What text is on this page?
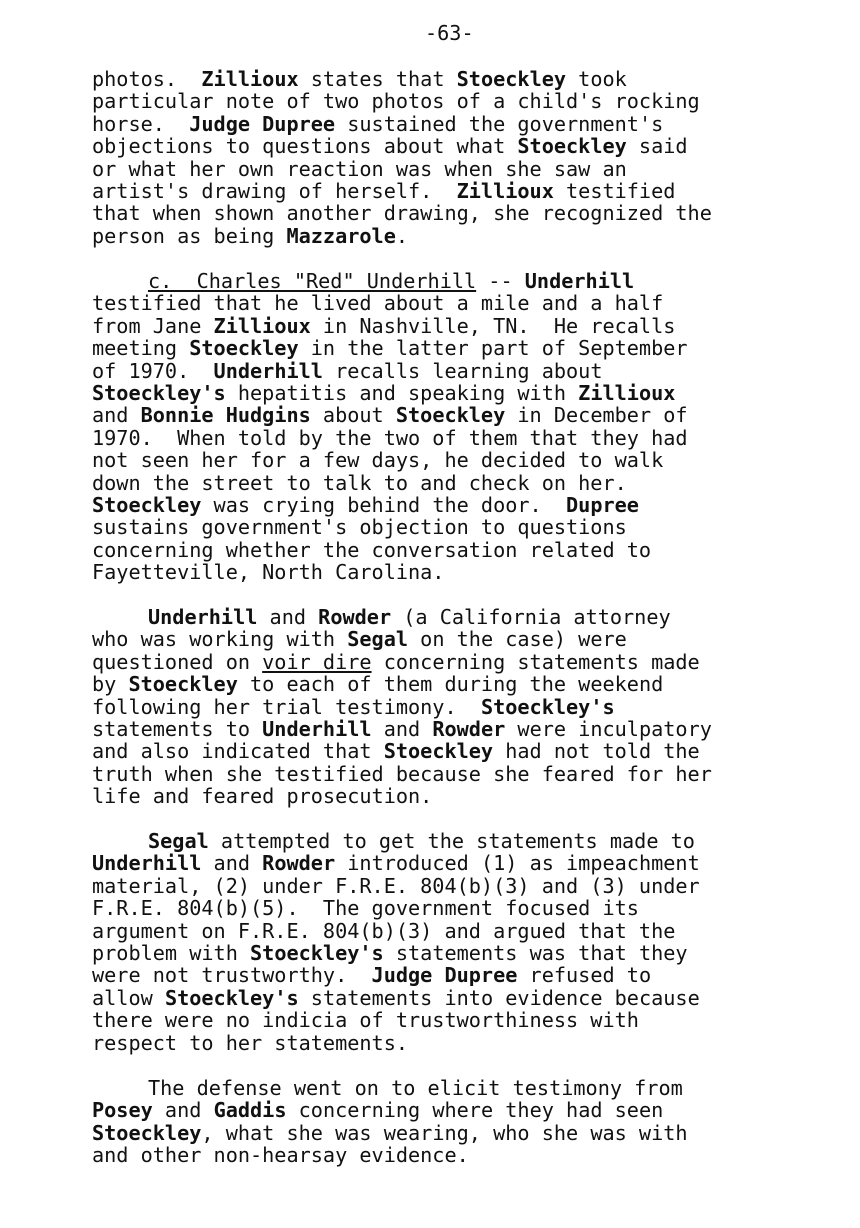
-63-
photos.  Zillioux states that Stoeckley took
particular note of two photos of a child's rocking
horse.  Judge Dupree sustained the government's
objections to questions about what Stoeckley said
or what her own reaction was when she saw an
artist's drawing of herself.  Zillioux testified
that when shown another drawing, she recognized the
person as being Mazzarole.
c.  Charles "Red" Underhill -- Underhill
testified that he lived about a mile and a half
from Jane Zillioux in Nashville, TN.  He recalls
meeting Stoeckley in the latter part of September
of 1970.  Underhill recalls learning about
Stoeckley's hepatitis and speaking with Zillioux
and Bonnie Hudgins about Stoeckley in December of
1970.  When told by the two of them that they had
not seen her for a few days, he decided to walk
down the street to talk to and check on her.
Stoeckley was crying behind the door.  Dupree
sustains government's objection to questions
concerning whether the conversation related to
Fayetteville, North Carolina.
Underhill and Rowder (a California attorney
who was working with Segal on the case) were
questioned on voir dire concerning statements made
by Stoeckley to each of them during the weekend
following her trial testimony.  Stoeckley's
statements to Underhill and Rowder were inculpatory
and also indicated that Stoeckley had not told the
truth when she testified because she feared for her
life and feared prosecution.
Segal attempted to get the statements made to
Underhill and Rowder introduced (1) as impeachment
material, (2) under F.R.E. 804(b)(3) and (3) under
F.R.E. 804(b)(5).  The government focused its
argument on F.R.E. 804(b)(3) and argued that the
problem with Stoeckley's statements was that they
were not trustworthy.  Judge Dupree refused to
allow Stoeckley's statements into evidence because
there were no indicia of trustworthiness with
respect to her statements.
The defense went on to elicit testimony from
Posey and Gaddis concerning where they had seen
Stoeckley, what she was wearing, who she was with
and other non-hearsay evidence.
